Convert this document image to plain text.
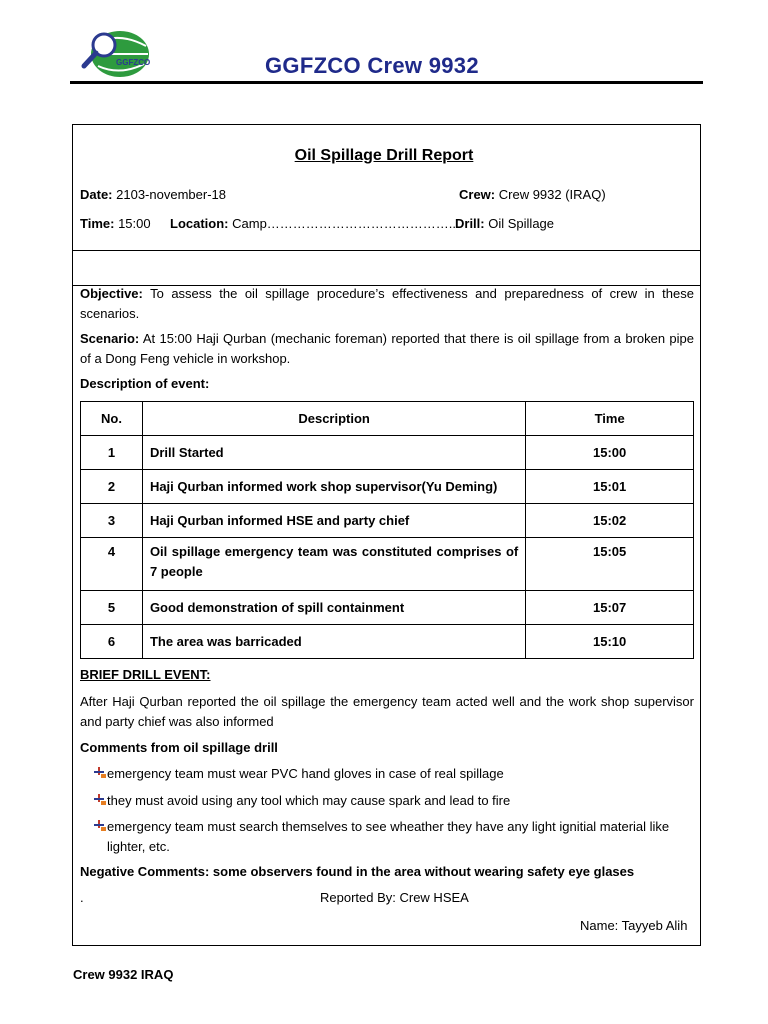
GGFZCO	GGFZCO Crew 9932
Oil Spillage Drill Report
Date: 2103-november-18	Crew: Crew 9932 (IRAQ)
Time: 15:00 Location: Camp……………………………………..
Drill: Oil Spillage
Objective: To assess the oil spillage procedure’s effectiveness and preparedness of crew in these scenarios.
Scenario: At 15:00 Haji Qurban (mechanic foreman) reported that there is oil spillage from a broken pipe of a Dong Feng vehicle in workshop.
Description of event:
No.	Description	Time
1	Drill Started	15:00
2	Haji Qurban informed work shop supervisor(Yu Deming)	15:01
3	Haji Qurban informed HSE and party chief	15:02
4	Oil spillage emergency team was constituted comprises of 7 people	15:05
5	Good demonstration of spill containment	15:07
6	The area was barricaded	15:10
BRIEF DRILL EVENT:
After Haji Qurban reported the oil spillage the emergency team acted well and the work shop supervisor and party chief was also informed
Comments from oil spillage drill
emergency team must wear PVC hand gloves in case of real spillage
they must avoid using any tool which may cause spark and lead to fire
emergency team must search themselves to see wheather they have any light ignitial material like lighter, etc.
Negative Comments: some observers found in the area without wearing safety eye glases
.	Reported By: Crew HSEA
Name: Tayyeb Alih
Crew 9932 IRAQ
